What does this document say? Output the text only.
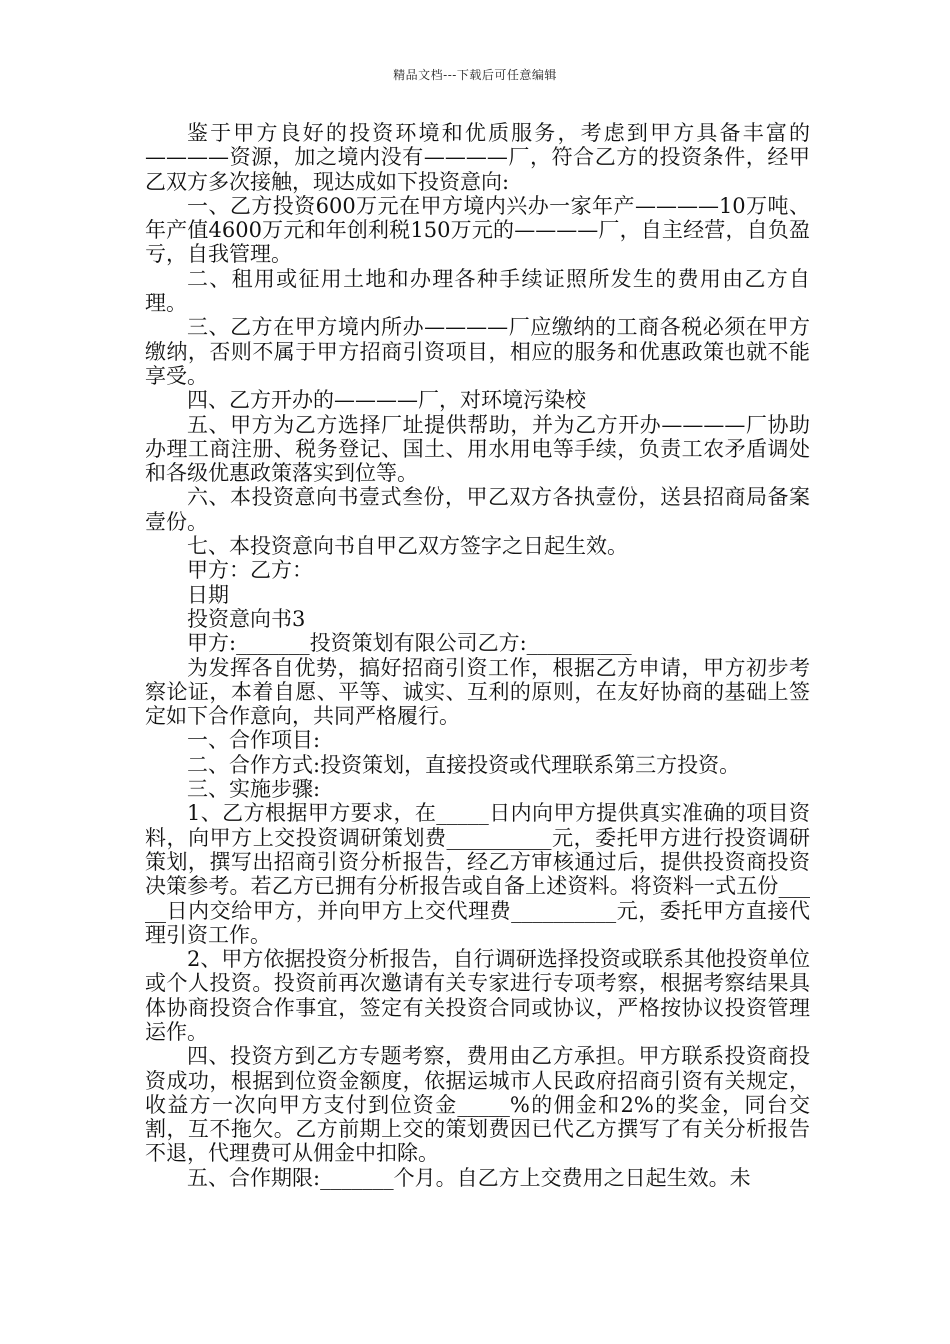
精品文档---下载后可任意编辑

鉴于甲方良好的投资环境和优质服务，考虑到甲方具备丰富的————资源，加之境内没有————厂，符合乙方的投资条件，经甲乙双方多次接触，现达成如下投资意向:

一、乙方投资600万元在甲方境内兴办一家年产————10万吨、年产值4600万元和年创利税150万元的————厂，自主经营，自负盈亏，自我管理。

二、租用或征用土地和办理各种手续证照所发生的费用由乙方自理。

三、乙方在甲方境内所办————厂应缴纳的工商各税必须在甲方缴纳，否则不属于甲方招商引资项目，相应的服务和优惠政策也就不能享受。

四、乙方开办的————厂，对环境污染校

五、甲方为乙方选择厂址提供帮助，并为乙方开办————厂协助办理工商注册、税务登记、国土、用水用电等手续，负责工农矛盾调处和各级优惠政策落实到位等。

六、本投资意向书壹式叁份，甲乙双方各执壹份，送县招商局备案壹份。

七、本投资意向书自甲乙双方签字之日起生效。

甲方：乙方：

日期

投资意向书3

甲方:_______投资策划有限公司乙方:__________

为发挥各自优势，搞好招商引资工作，根据乙方申请，甲方初步考察论证，本着自愿、平等、诚实、互利的原则，在友好协商的基础上签定如下合作意向，共同严格履行。

一、合作项目:

二、合作方式:投资策划，直接投资或代理联系第三方投资。

三、实施步骤:

1、乙方根据甲方要求，在_____日内向甲方提供真实准确的项目资料，向甲方上交投资调研策划费__________元，委托甲方进行投资调研策划，撰写出招商引资分析报告，经乙方审核通过后，提供投资商投资决策参考。若乙方已拥有分析报告或自备上述资料。将资料一式五份_____日内交给甲方，并向甲方上交代理费__________元，委托甲方直接代理引资工作。

2、甲方依据投资分析报告，自行调研选择投资或联系其他投资单位或个人投资。投资前再次邀请有关专家进行专项考察，根据考察结果具体协商投资合作事宜，签定有关投资合同或协议，严格按协议投资管理运作。

四、投资方到乙方专题考察，费用由乙方承担。甲方联系投资商投资成功，根据到位资金额度，依据运城市人民政府招商引资有关规定，收益方一次向甲方支付到位资金_____%的佣金和2%的奖金，同台交割，互不拖欠。乙方前期上交的策划费因已代乙方撰写了有关分析报告不退，代理费可从佣金中扣除。

五、合作期限:_______个月。自乙方上交费用之日起生效。未
